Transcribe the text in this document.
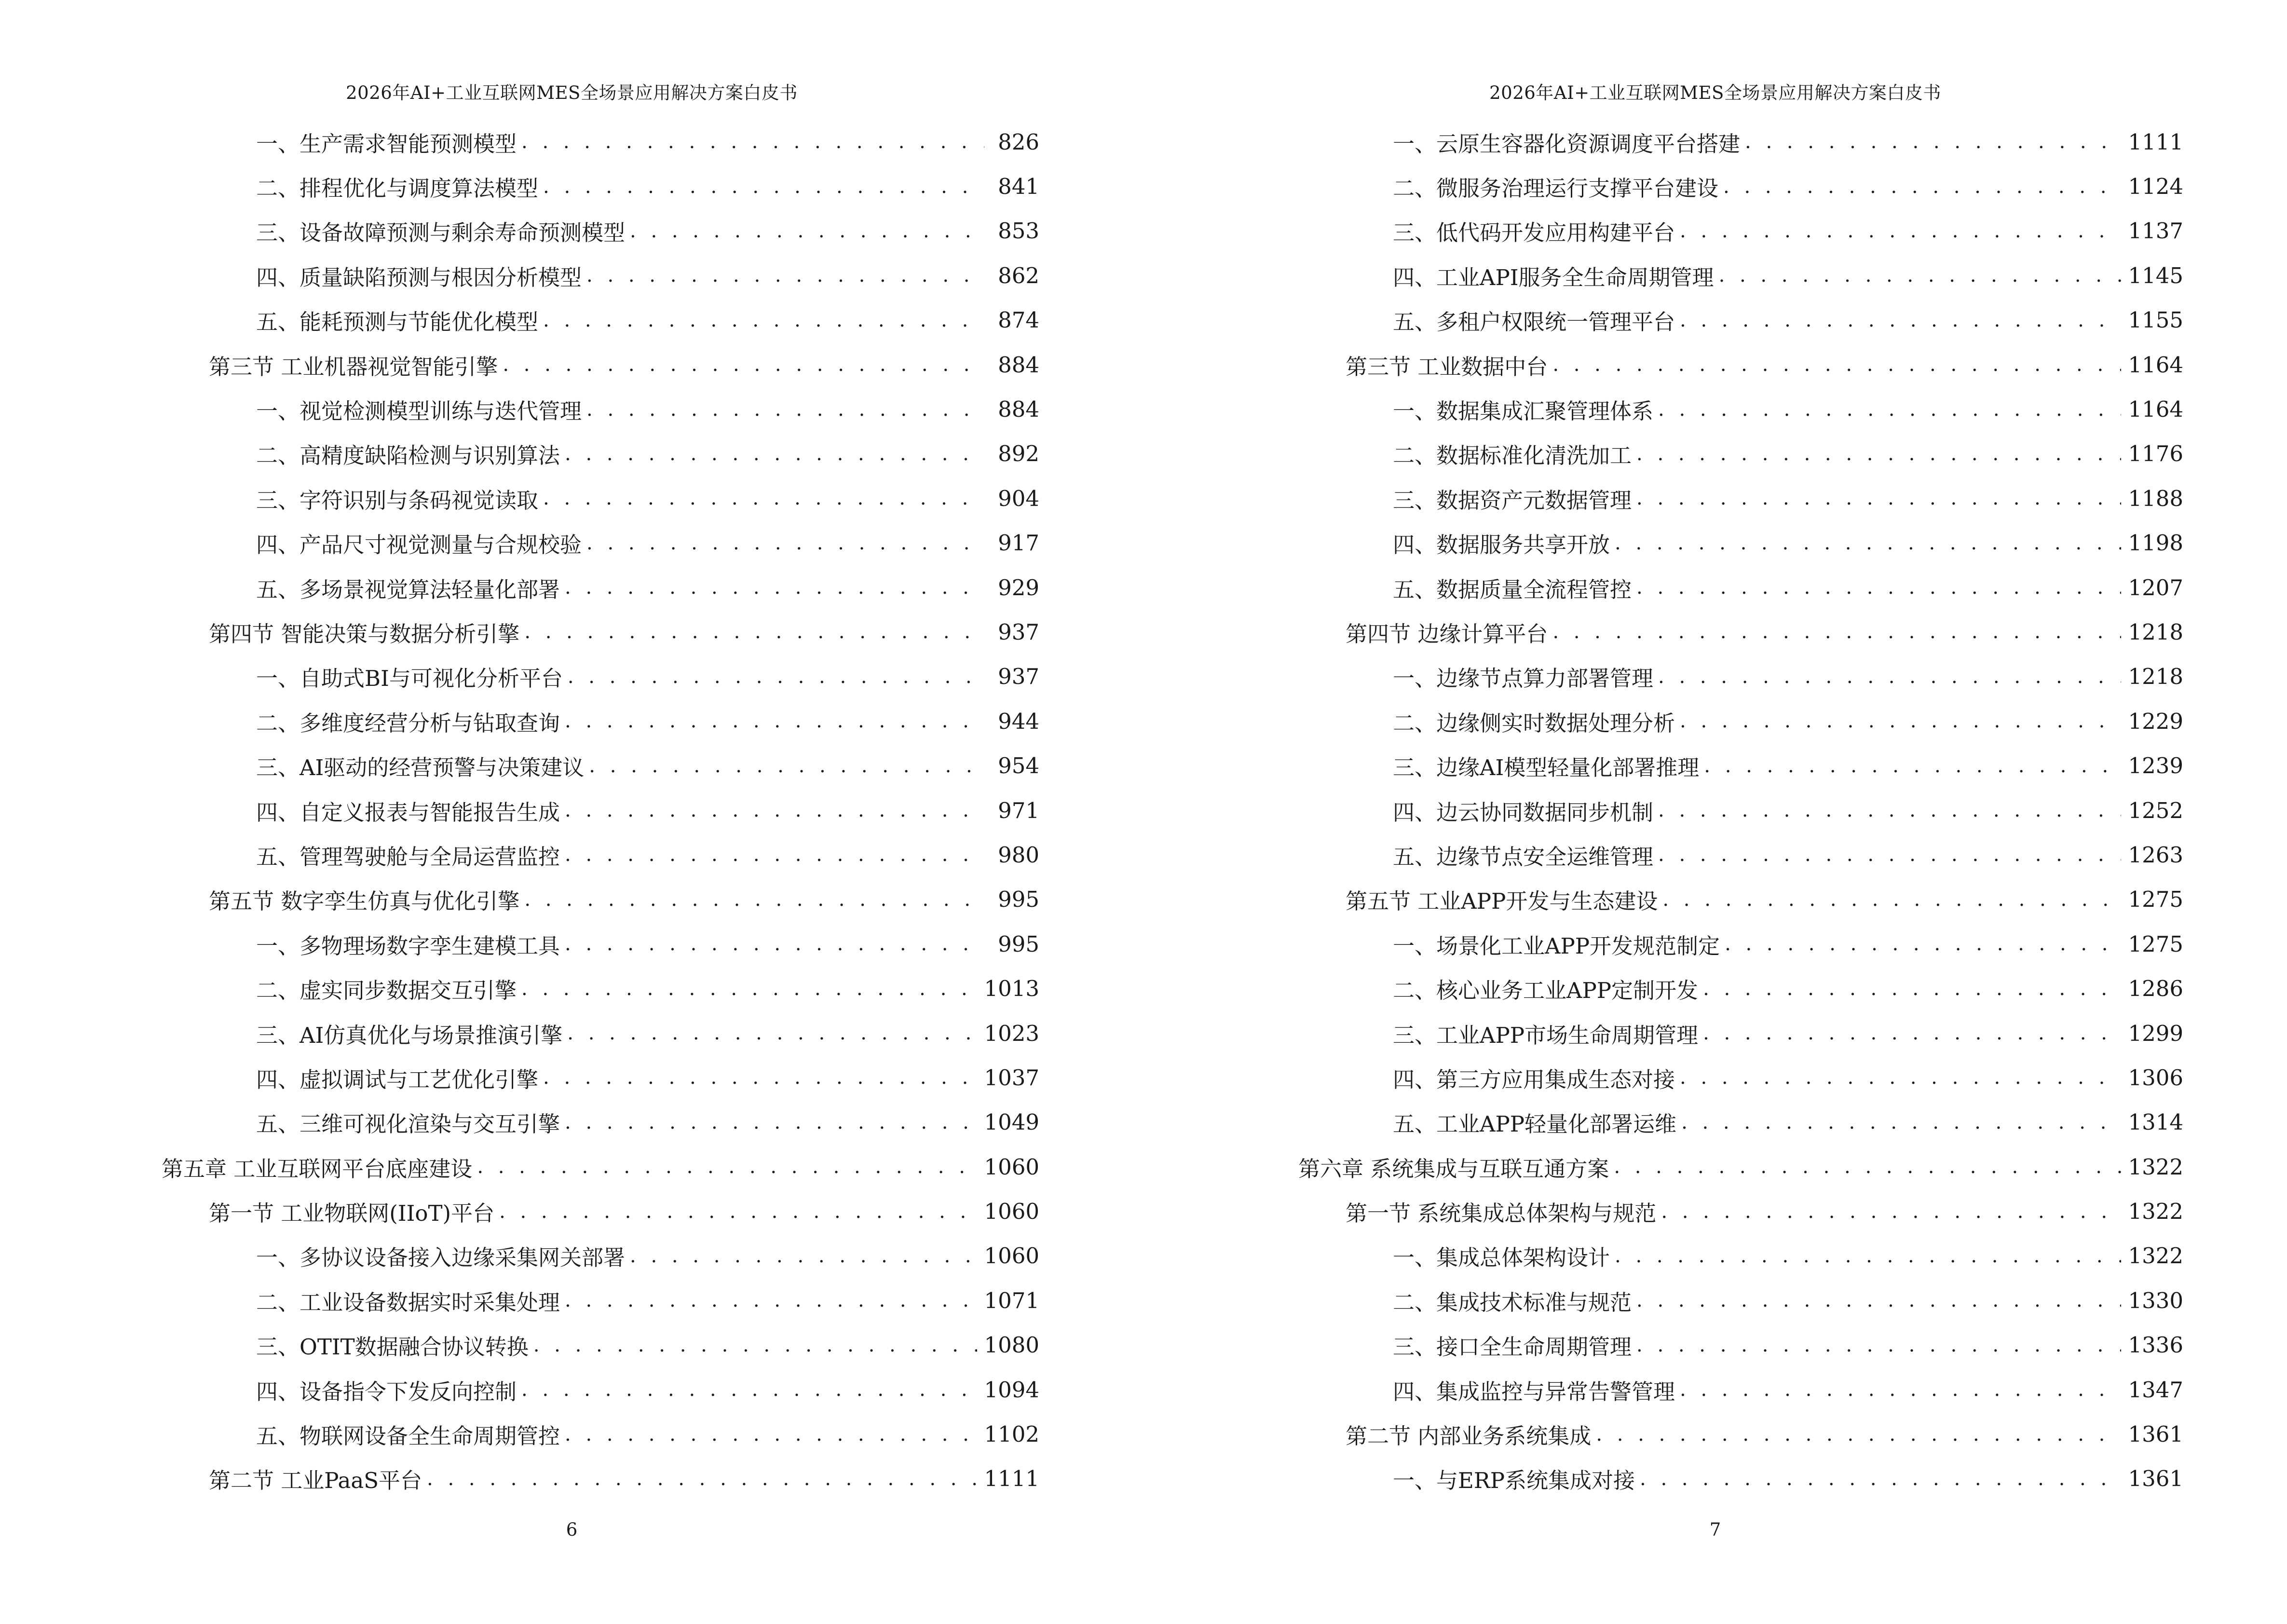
2026年AI+工业互联网MES全场景应用解决方案白皮书
一、生产需求智能预测模型 . . .	826
二、排程优化与调度算法模型 . . .	841
三、设备故障预测与剩余寿命预测模型 . . .	853
四、质量缺陷预测与根因分析模型 . . .	862
五、能耗预测与节能优化模型 . . .	874
第三节 工业机器视觉智能引擎 . . .	884
一、视觉检测模型训练与迭代管理 . . .	884
二、高精度缺陷检测与识别算法 . . .	892
三、字符识别与条码视觉读取 . . .	904
四、产品尺寸视觉测量与合规校验 . . .	917
五、多场景视觉算法轻量化部署 . . .	929
第四节 智能决策与数据分析引擎 . . .	937
一、自助式BI与可视化分析平台 . . .	937
二、多维度经营分析与钻取查询 . . .	944
三、AI驱动的经营预警与决策建议 . . .	954
四、自定义报表与智能报告生成 . . .	971
五、管理驾驶舱与全局运营监控 . . .	980
第五节 数字孪生仿真与优化引擎 . . .	995
一、多物理场数字孪生建模工具 . . .	995
二、虚实同步数据交互引擎 . . .	1013
三、AI仿真优化与场景推演引擎 . . .	1023
四、虚拟调试与工艺优化引擎 . . .	1037
五、三维可视化渲染与交互引擎 . . .	1049
第五章 工业互联网平台底座建设 . . .	1060
第一节 工业物联网(IIoT)平台 . . .	1060
一、多协议设备接入边缘采集网关部署 . . .	1060
二、工业设备数据实时采集处理 . . .	1071
三、OTIT数据融合协议转换 . . .	1080
四、设备指令下发反向控制 . . .	1094
五、物联网设备全生命周期管控 . . .	1102
第二节 工业PaaS平台 . . .	1111
6
2026年AI+工业互联网MES全场景应用解决方案白皮书
一、云原生容器化资源调度平台搭建 . . .	1111
二、微服务治理运行支撑平台建设 . . .	1124
三、低代码开发应用构建平台 . . .	1137
四、工业API服务全生命周期管理 . . .	1145
五、多租户权限统一管理平台 . . .	1155
第三节 工业数据中台 . . .	1164
一、数据集成汇聚管理体系 . . .	1164
二、数据标准化清洗加工 . . .	1176
三、数据资产元数据管理 . . .	1188
四、数据服务共享开放 . . .	1198
五、数据质量全流程管控 . . .	1207
第四节 边缘计算平台 . . .	1218
一、边缘节点算力部署管理 . . .	1218
二、边缘侧实时数据处理分析 . . .	1229
三、边缘AI模型轻量化部署推理 . . .	1239
四、边云协同数据同步机制 . . .	1252
五、边缘节点安全运维管理 . . .	1263
第五节 工业APP开发与生态建设 . . .	1275
一、场景化工业APP开发规范制定 . . .	1275
二、核心业务工业APP定制开发 . . .	1286
三、工业APP市场生命周期管理 . . .	1299
四、第三方应用集成生态对接 . . .	1306
五、工业APP轻量化部署运维 . . .	1314
第六章 系统集成与互联互通方案 . . .	1322
第一节 系统集成总体架构与规范 . . .	1322
一、集成总体架构设计 . . .	1322
二、集成技术标准与规范 . . .	1330
三、接口全生命周期管理 . . .	1336
四、集成监控与异常告警管理 . . .	1347
第二节 内部业务系统集成 . . .	1361
一、与ERP系统集成对接 . . .	1361
7
